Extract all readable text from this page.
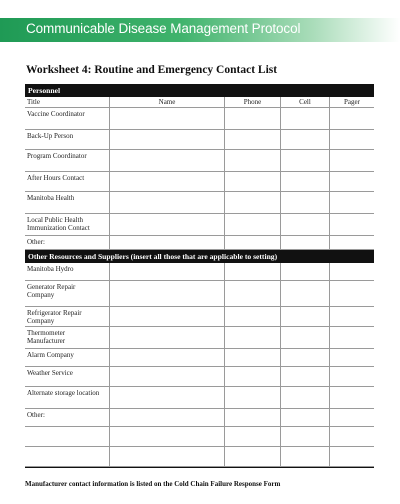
Communicable Disease Management Protocol
Worksheet 4: Routine and Emergency Contact List
Personnel
Title	Name	Phone	Cell	Pager
Vaccine Coordinator
Back-Up Person
Program Coordinator
After Hours Contact
Manitoba Health
Local Public Health
Immunization Contact
Other:
Other Resources and Suppliers (insert all those that are applicable to setting)
Manitoba Hydro
Generator Repair
Company
Refrigerator Repair
Company
Thermometer
Manufacturer
Alarm Company
Weather Service
Alternate storage location
Other:
Manufacturer contact information is listed on the Cold Chain Failure Response Form
